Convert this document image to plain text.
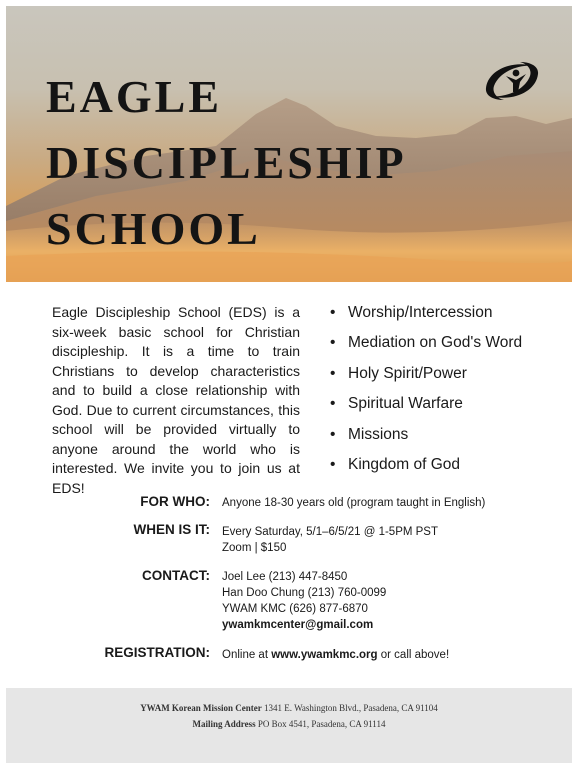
EAGLE
DISCIPLESHIP
SCHOOL

Eagle Discipleship School (EDS) is a six-week basic school for Christian discipleship. It is a time to train Christians to develop characteristics and to build a close relationship with God. Due to current circumstances, this school will be provided virtually to anyone around the world who is interested. We invite you to join us at EDS!

• Worship/Intercession
• Mediation on God's Word
• Holy Spirit/Power
• Spiritual Warfare
• Missions
• Kingdom of God
FOR WHO: Anyone 18-30 years old (program taught in English)
WHEN IS IT: Every Saturday, 5/1–6/5/21 @ 1-5PM PST
Zoom | $150
CONTACT: Joel Lee (213) 447-8450
Han Doo Chung (213) 760-0099
YWAM KMC (626) 877-6870
ywamkmcenter@gmail.com
REGISTRATION: Online at www.ywamkmc.org or call above!
YWAM Korean Mission Center 1341 E. Washington Blvd., Pasadena, CA 91104
Mailing Address PO Box 4541, Pasadena, CA 91114
